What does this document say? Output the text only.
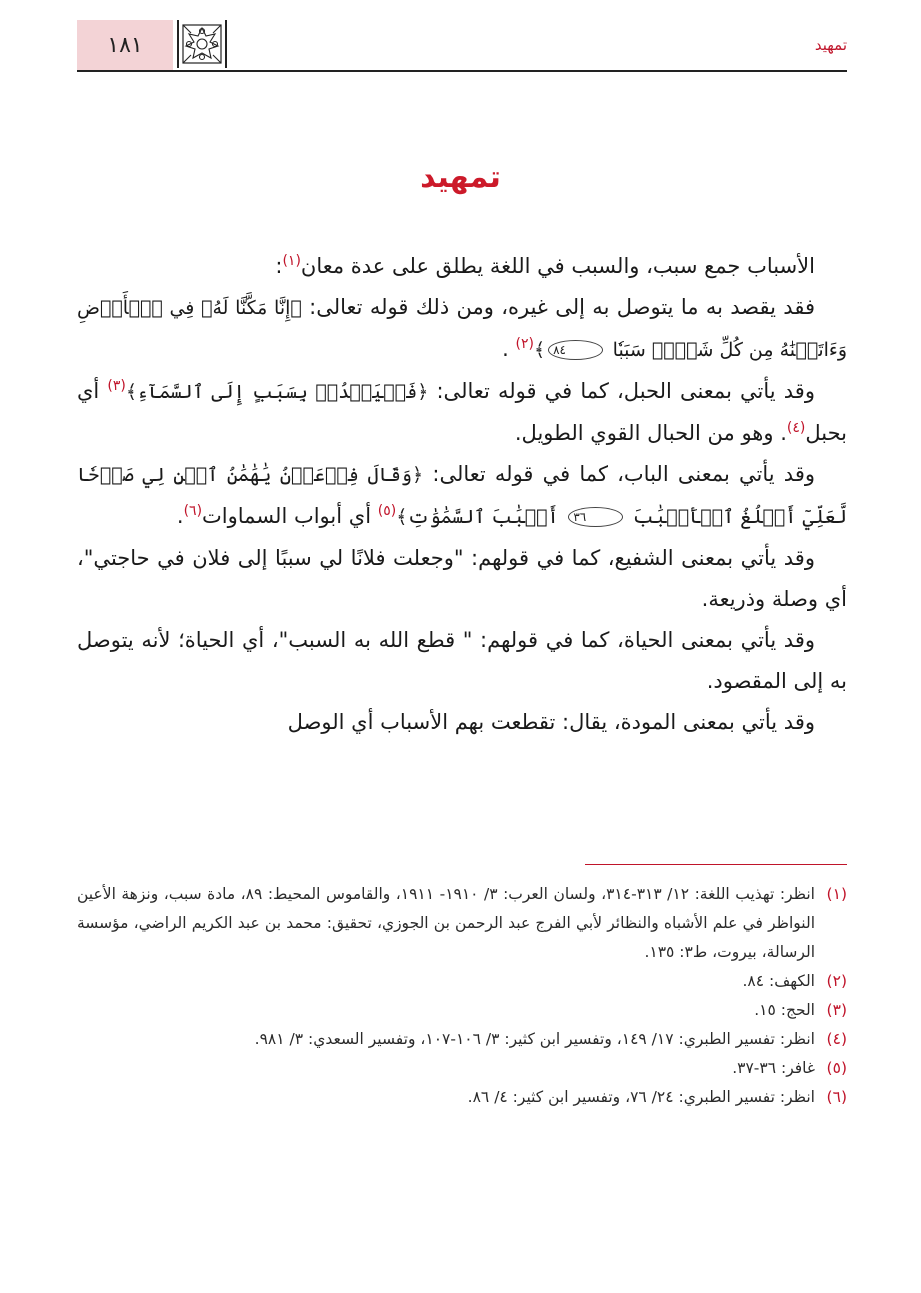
١٨١	تمهيد
تمهيد

الأسباب جمع سبب، والسبب في اللغة يطلق على عدة معان$^{(١)}$:

فقد يقصد به ما يتوصل به إلى غيره، ومن ذلك قوله تعالى: ﴿إِنَّا مَكَّنَّا لَهُۥ فِي ٱلۡأَرۡضِ وَءَاتَيۡنَٰهُ مِن كُلِّ شَيۡءٖ سَبَبٗا ٨٤﴾$^{(٢)}$ .

وقد يأتي بمعنى الحبل، كما في قوله تعالى: ﴿فَلۡيَمۡدُدۡ بِسَبَبٍ إِلَى ٱلسَّمَآءِ﴾$^{(٣)}$ أي بحبل$^{(٤)}$. وهو من الحبال القوي الطويل.

وقد يأتي بمعنى الباب، كما في قوله تعالى: ﴿وَقَالَ فِرۡعَوۡنُ يَٰهَٰمَٰنُ ٱبۡنِ لِي صَرۡحٗا لَّعَلِّيٓ أَبۡلُغُ ٱلۡأَسۡبَٰبَ ٣٦ أَسۡبَٰبَ ٱلسَّمَٰوَٰتِ﴾$^{(٥)}$ أي أبواب السماوات$^{(٦)}$.

وقد يأتي بمعنى الشفيع، كما في قولهم: "وجعلت فلانًا لي سببًا إلى فلان في حاجتي"، أي وصلة وذريعة.

وقد يأتي بمعنى الحياة، كما في قولهم: " قطع الله به السبب"، أي الحياة؛ لأنه يتوصل به إلى المقصود.

وقد يأتي بمعنى المودة، يقال: تقطعت بهم الأسباب أي الوصل

(١)
انظر: تهذيب اللغة: ١٢/ ٣١٣-٣١٤، ولسان العرب: ٣/ ١٩١٠- ١٩١١، والقاموس المحيط: ٨٩، مادة سبب، ونزهة الأعين النواظر في علم الأشباه والنظائر لأبي الفرج عبد الرحمن بن الجوزي، تحقيق: محمد بن عبد الكريم الراضي، مؤسسة الرسالة، بيروت، ط٣: ١٣٥.
(٢)
الكهف: ٨٤.
(٣)
الحج: ١٥.
(٤)
انظر: تفسير الطبري: ١٧/ ١٤٩، وتفسير ابن كثير: ٣/ ١٠٦-١٠٧، وتفسير السعدي: ٣/ ٩٨١.
(٥)
غافر: ٣٦-٣٧.
(٦)
انظر: تفسير الطبري: ٢٤/ ٧٦، وتفسير ابن كثير: ٤/ ٨٦.
